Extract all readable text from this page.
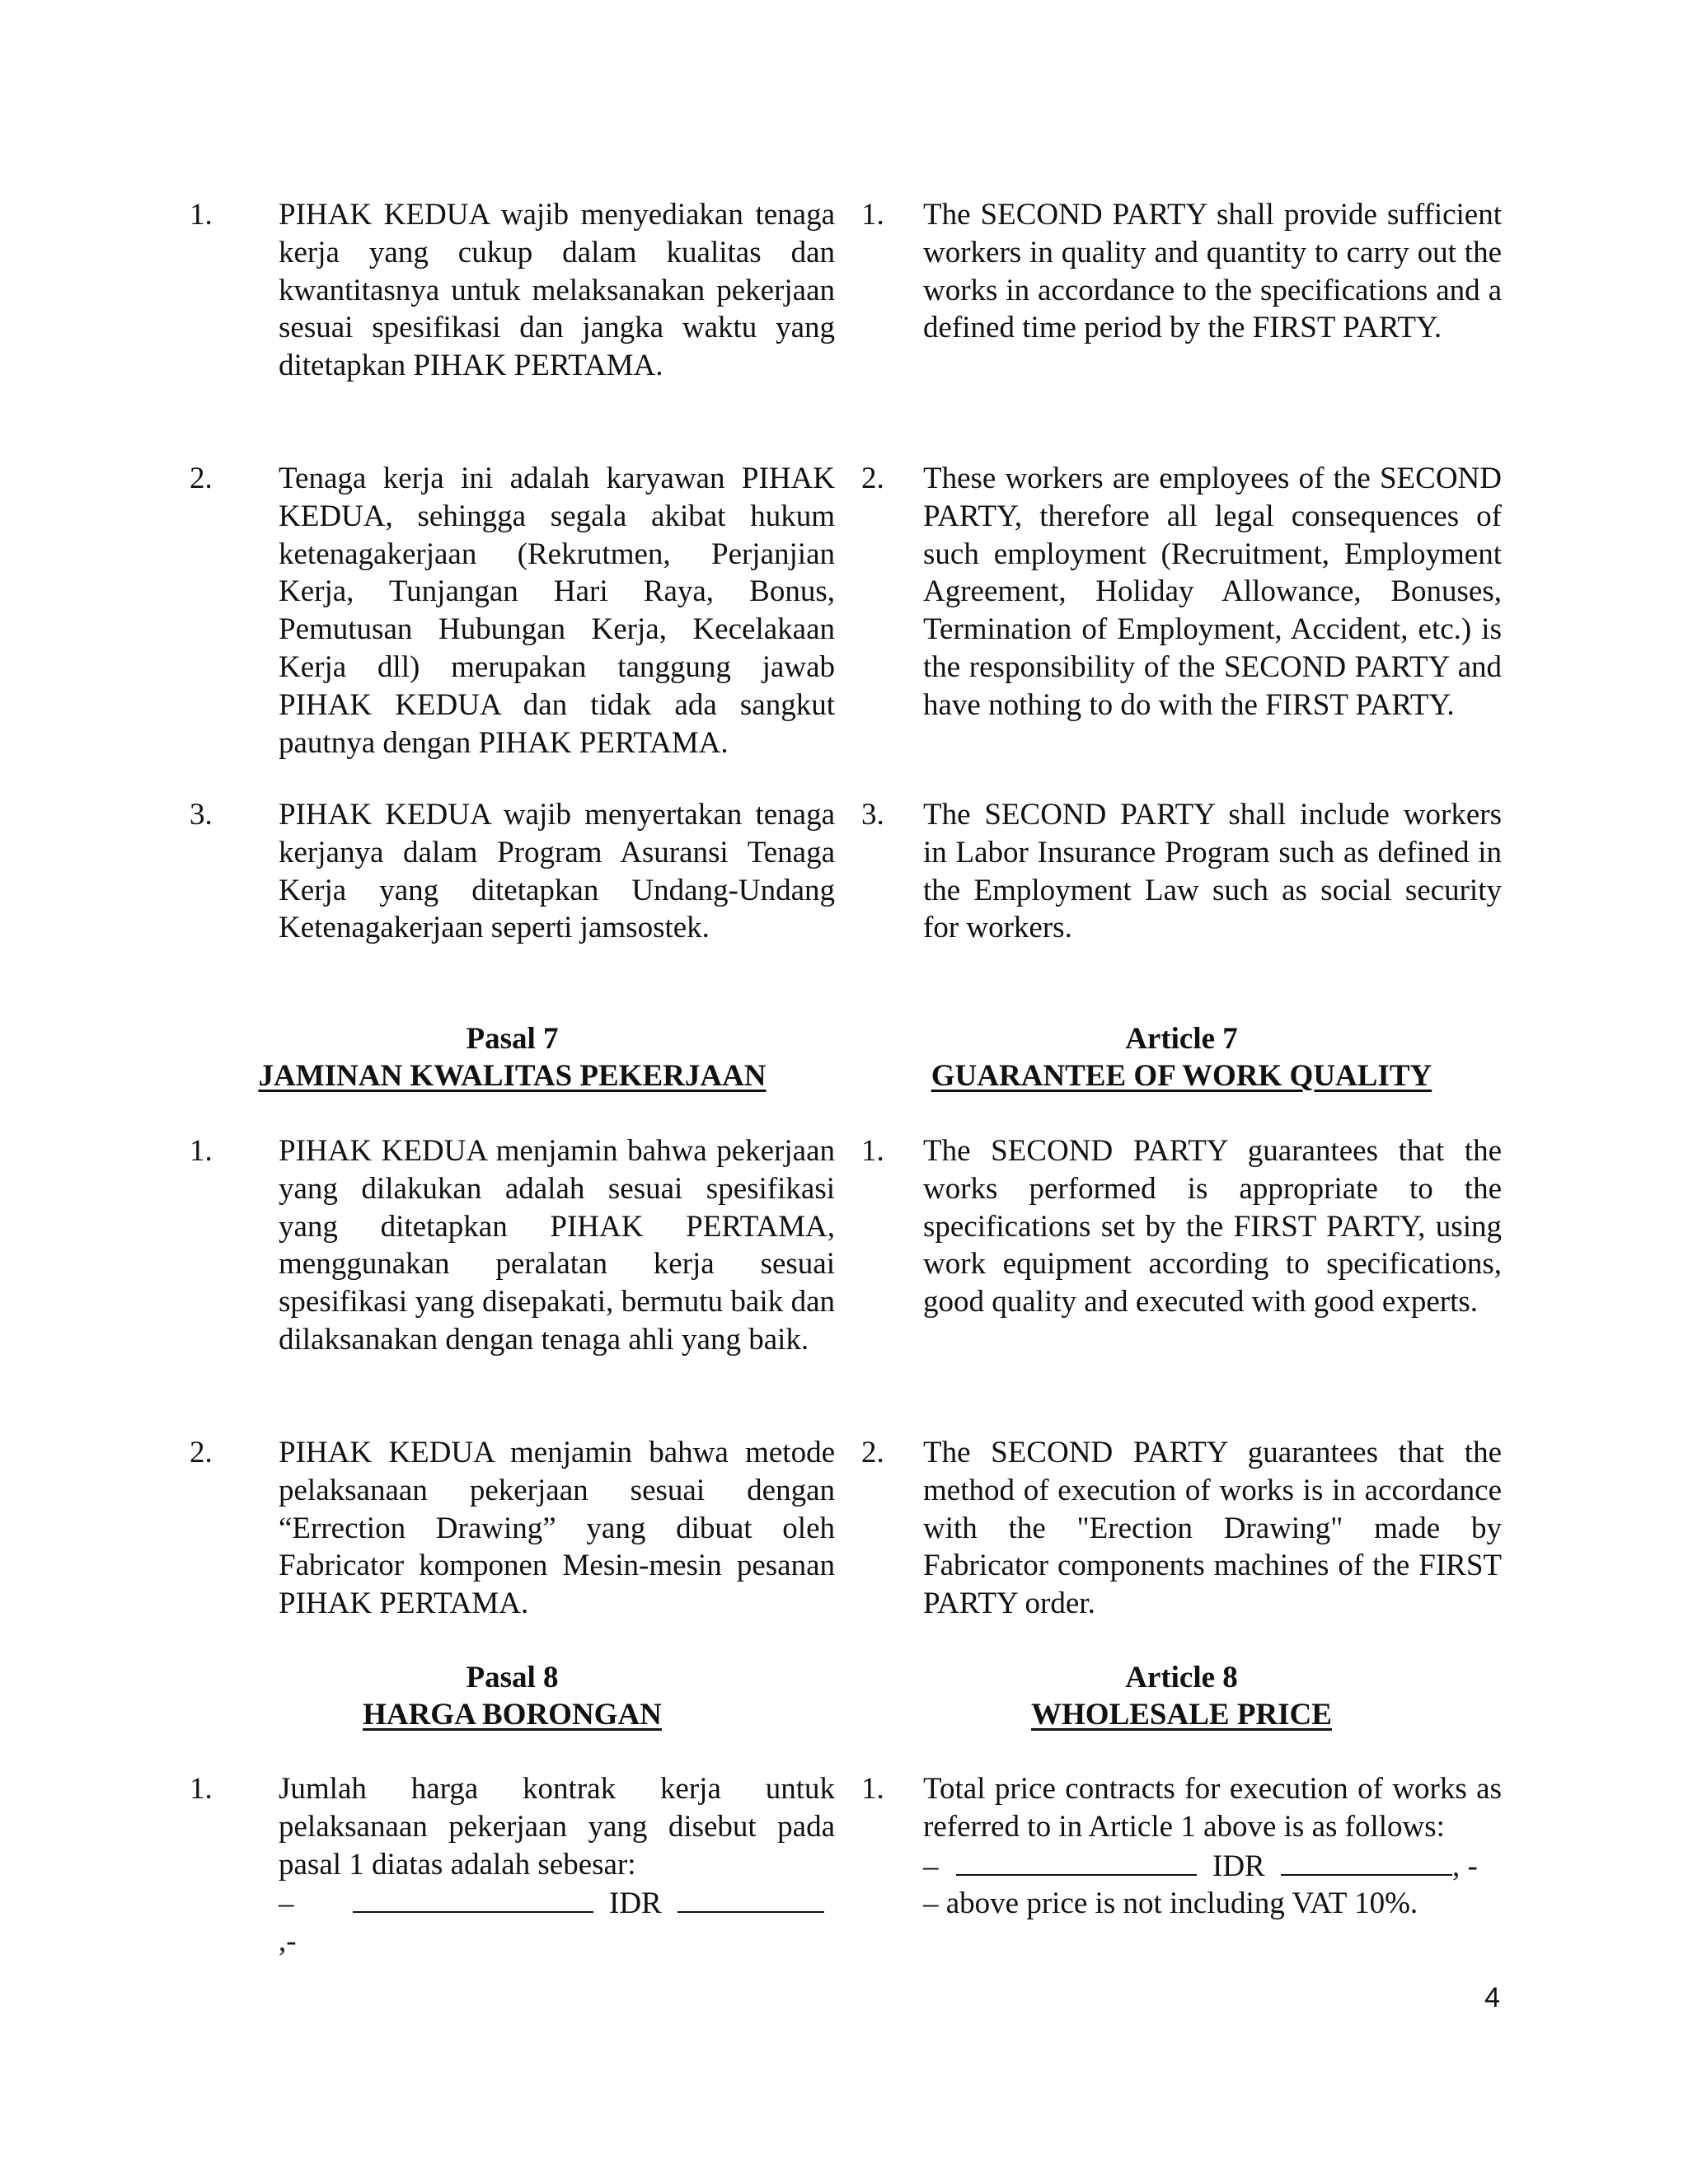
1. PIHAK KEDUA wajib menyediakan tenaga kerja yang cukup dalam kualitas dan kwantitasnya untuk melaksanakan pekerjaan sesuai spesifikasi dan jangka waktu yang ditetapkan PIHAK PERTAMA.
2. Tenaga kerja ini adalah karyawan PIHAK KEDUA, sehingga segala akibat hukum ketenagakerjaan (Rekrutmen, Perjanjian Kerja, Tunjangan Hari Raya, Bonus, Pemutusan Hubungan Kerja, Kecelakaan Kerja dll) merupakan tanggung jawab PIHAK KEDUA dan tidak ada sangkut pautnya dengan PIHAK PERTAMA.
3. PIHAK KEDUA wajib menyertakan tenaga kerjanya dalam Program Asuransi Tenaga Kerja yang ditetapkan Undang-Undang Ketenagakerjaan seperti jamsostek.
Pasal 7
JAMINAN KWALITAS PEKERJAAN
1. PIHAK KEDUA menjamin bahwa pekerjaan yang dilakukan adalah sesuai spesifikasi yang ditetapkan PIHAK PERTAMA, menggunakan peralatan kerja sesuai spesifikasi yang disepakati, bermutu baik dan dilaksanakan dengan tenaga ahli yang baik.
2. PIHAK KEDUA menjamin bahwa metode pelaksanaan pekerjaan sesuai dengan “Errection Drawing” yang dibuat oleh Fabricator komponen Mesin-mesin pesanan PIHAK PERTAMA.
Pasal 8
HARGA BORONGAN
1. Jumlah harga kontrak kerja untuk pelaksanaan pekerjaan yang disebut pada pasal 1 diatas adalah sebesar:
–	IDR ,-
1. The SECOND PARTY shall provide sufficient workers in quality and quantity to carry out the works in accordance to the specifications and a defined time period by the FIRST PARTY.
2. These workers are employees of the SECOND PARTY, therefore all legal consequences of such employment (Recruitment, Employment Agreement, Holiday Allowance, Bonuses, Termination of Employment, Accident, etc.) is the responsibility of the SECOND PARTY and have nothing to do with the FIRST PARTY.
3. The SECOND PARTY shall include workers in Labor Insurance Program such as defined in the Employment Law such as social security for workers.
Article 7
GUARANTEE OF WORK QUALITY
1. The SECOND PARTY guarantees that the works performed is appropriate to the specifications set by the FIRST PARTY, using work equipment according to specifications, good quality and executed with good experts.
2. The SECOND PARTY guarantees that the method of execution of works is in accordance with the "Erection Drawing" made by Fabricator components machines of the FIRST PARTY order.
Article 8
WHOLESALE PRICE
1. Total price contracts for execution of works as referred to in Article 1 above is as follows:
–	IDR	, -
– above price is not including VAT 10%.
4
